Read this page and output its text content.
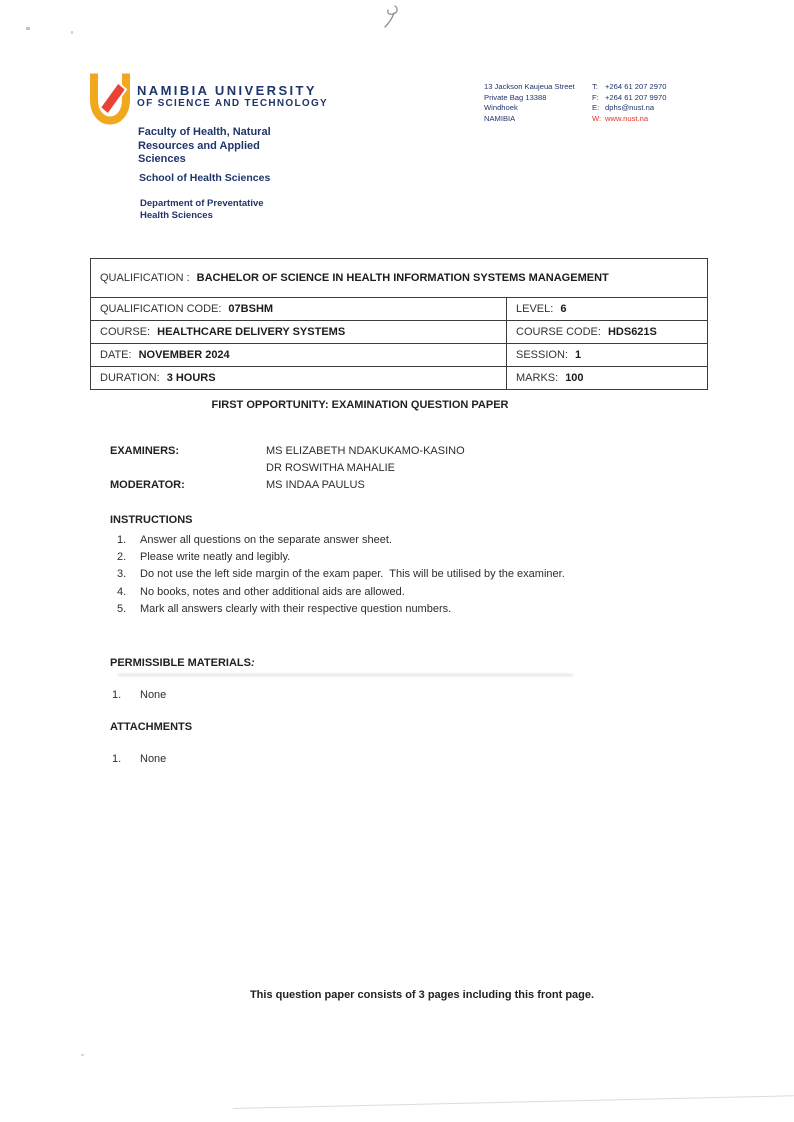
NAMIBIA UNIVERSITY
OF SCIENCE AND TECHNOLOGY
Faculty of Health, Natural Resources and Applied Sciences
School of Health Sciences
Department of Preventative Health Sciences
13 Jackson Kaujeua Street
Private Bag 13388
Windhoek
NAMIBIA
T: +264 61 207 2970
F: +264 61 207 9970
E: dphs@nust.na
W: www.nust.na
QUALIFICATION : BACHELOR OF SCIENCE IN HEALTH INFORMATION SYSTEMS MANAGEMENT
QUALIFICATION CODE: 07BSHM	LEVEL: 6
COURSE: HEALTHCARE DELIVERY SYSTEMS	COURSE CODE: HDS621S
DATE: NOVEMBER 2024	SESSION: 1
DURATION: 3 HOURS	MARKS: 100
FIRST OPPORTUNITY: EXAMINATION QUESTION PAPER
EXAMINERS:	MS ELIZABETH NDAKUKAMO-KASINO
DR ROSWITHA MAHALIE
MODERATOR:	MS INDAA PAULUS
INSTRUCTIONS
Answer all questions on the separate answer sheet.
Please write neatly and legibly.
Do not use the left side margin of the exam paper.  This will be utilised by the examiner.
No books, notes and other additional aids are allowed.
Mark all answers clearly with their respective question numbers.
PERMISSIBLE MATERIALS:
None
ATTACHMENTS
None
This question paper consists of 3 pages including this front page.
